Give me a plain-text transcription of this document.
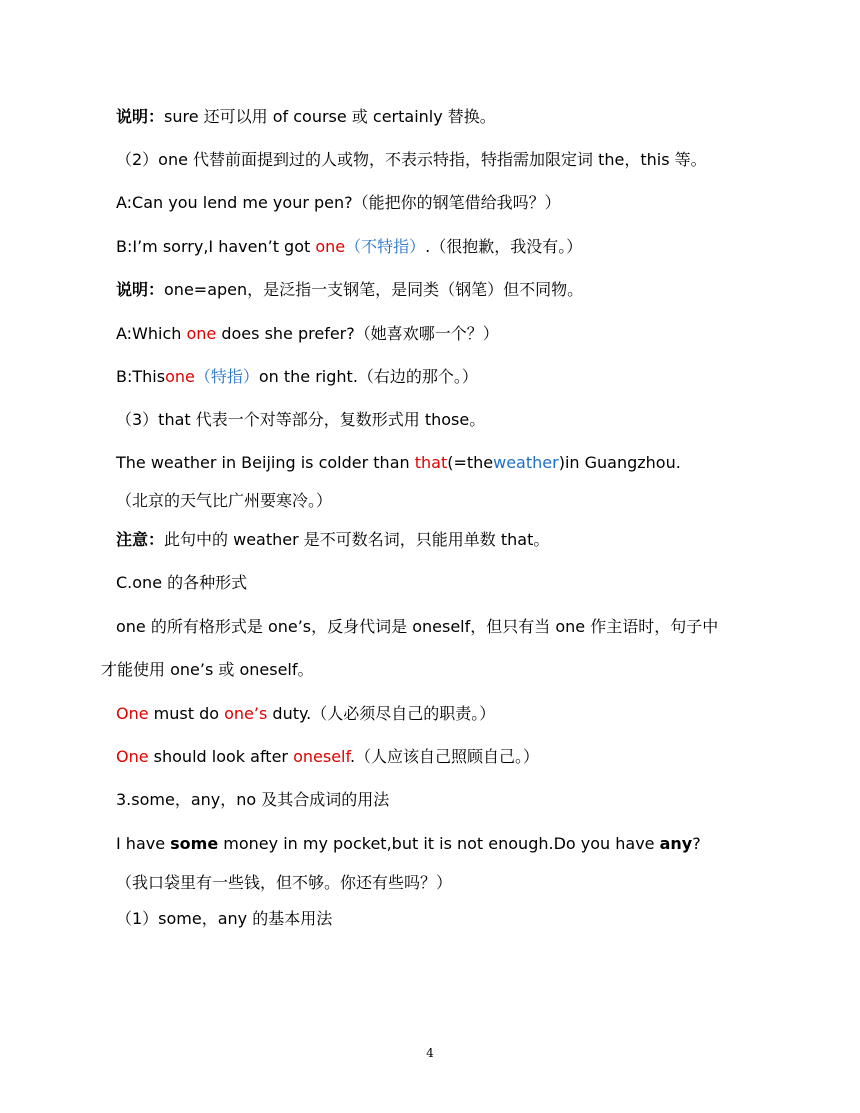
说明：sure 还可以用 of course 或 certainly 替换。
（2）one 代替前面提到过的人或物，不表示特指，特指需加限定词 the，this 等。
A:Can you lend me your pen?（能把你的钢笔借给我吗？）
B:I’m sorry,I haven’t got one（不特指）.（很抱歉，我没有。）
说明：one=apen，是泛指一支钢笔，是同类（钢笔）但不同物。
A:Which one does she prefer?（她喜欢哪一个？）
B:Thisone（特指）on the right.（右边的那个。）
（3）that 代表一个对等部分，复数形式用 those。
The weather in Beijing is colder than that(=theweather)in Guangzhou.
（北京的天气比广州要寒冷。）
注意：此句中的 weather 是不可数名词，只能用单数 that。
C.one 的各种形式
one 的所有格形式是 one’s，反身代词是 oneself，但只有当 one 作主语时，句子中
才能使用 one’s 或 oneself。
One must do one’s duty.（人必须尽自己的职责。）
One should look after oneself.（人应该自己照顾自己。）
3.some，any，no 及其合成词的用法
I have some money in my pocket,but it is not enough.Do you have any?
（我口袋里有一些钱，但不够。你还有些吗？）
（1）some，any 的基本用法
4
